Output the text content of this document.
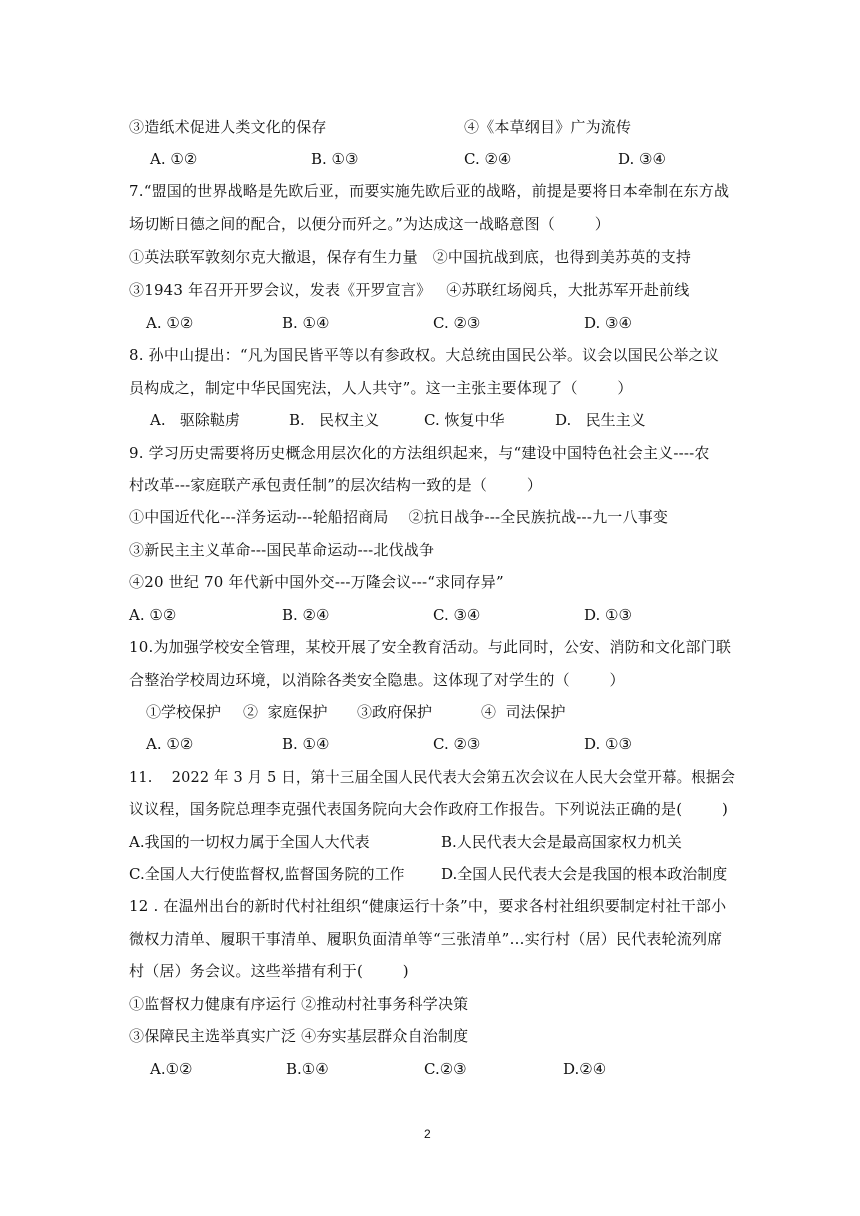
③造纸术促进人类文化的保存	④《本草纲目》广为流传
A. ①②	B. ①③	C. ②④	D. ③④
7.“盟国的世界战略是先欧后亚，而要实施先欧后亚的战略，前提是要将日本牵制在东方战
场切断日德之间的配合，以便分而歼之。”为达成这一战略意图（        ）
①英法联军敦刻尔克大撤退，保存有生力量   ②中国抗战到底，也得到美苏英的支持
③1943 年召开开罗会议，发表《开罗宣言》   ④苏联红场阅兵，大批苏军开赴前线
A. ①②	B. ①④	C. ②③	D. ③④
8. 孙中山提出：“凡为国民皆平等以有参政权。大总统由国民公举。议会以国民公举之议
员构成之，制定中华民国宪法，人人共守”。这一主张主要体现了（        ）
A.   驱除鞑虏	B.   民权主义	C. 恢复中华	D.   民生主义
9. 学习历史需要将历史概念用层次化的方法组织起来，与“建设中国特色社会主义----农
村改革---家庭联产承包责任制”的层次结构一致的是（        ）
①中国近代化---洋务运动---轮船招商局    ②抗日战争---全民族抗战---九一八事变
③新民主主义革命---国民革命运动---北伐战争
④20 世纪 70 年代新中国外交---万隆会议---“求同存异”
A. ①②	B. ②④	C. ③④	D. ①③
10.为加强学校安全管理，某校开展了安全教育活动。与此同时，公安、消防和文化部门联
合整治学校周边环境，以消除各类安全隐患。这体现了对学生的（        ）
①学校保护 ②  家庭保护 ③政府保护	④  司法保护
A. ①②	B. ①④	C. ②③	D. ①③
11.    2022 年 3 月 5 日，第十三届全国人民代表大会第五次会议在人民大会堂开幕。根据会
议议程，国务院总理李克强代表国务院向大会作政府工作报告。下列说法正确的是(        )
A.我国的一切权力属于全国人大代表	B.人民代表大会是最高国家权力机关
C.全国人大行使监督权,监督国务院的工作 D.全国人民代表大会是我国的根本政治制度
12 . 在温州出台的新时代村社组织“健康运行十条”中，要求各村社组织要制定村社干部小
微权力清单、履职干事清单、履职负面清单等“三张清单”…实行村（居）民代表轮流列席
村（居）务会议。这些举措有利于(        )
①监督权力健康有序运行 ②推动村社事务科学决策
③保障民主选举真实广泛 ④夯实基层群众自治制度
A.①②	B.①④	C.②③	D.②④
2
